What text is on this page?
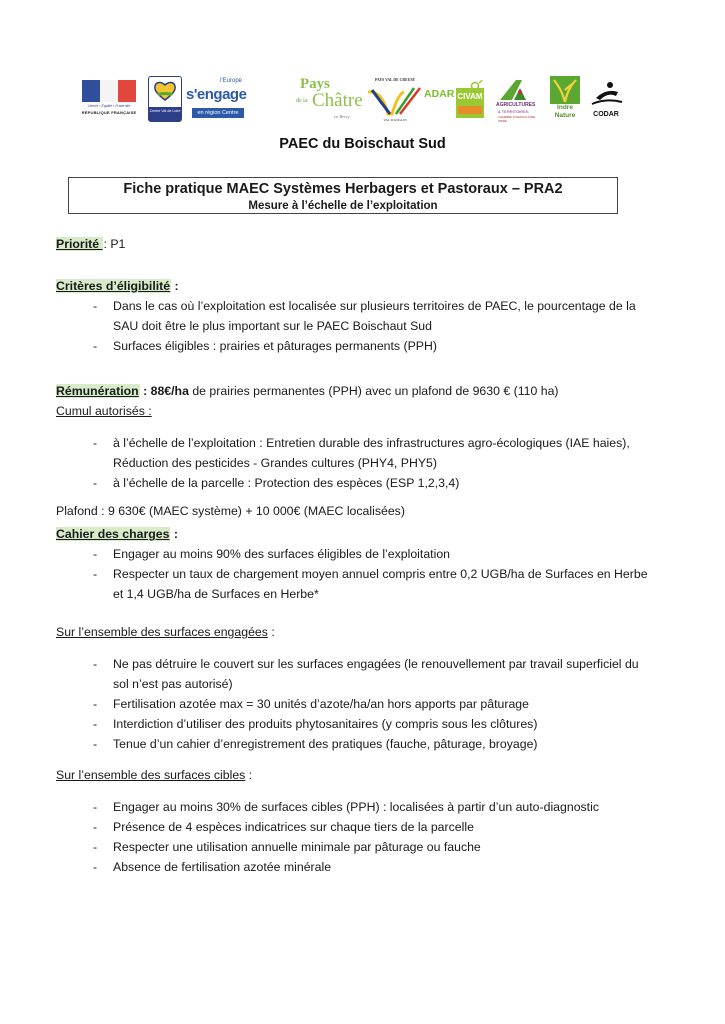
Liberté • Égalité • Fraternité
RÉPUBLIQUE FRANÇAISE	Centre Val de Loire
l'Europe
s'engage
en région Centre
Pays
de la Châtre
en Berry
PAYS VAL DE CREUSE
VAL D'ANGLIN
ADAR CIVAM
AGRICULTURES
& TERRITOIRES
CHAMBRE D'AGRICULTURE INDRE
Indre Nature	CODAR
PAEC du Boischaut Sud
Fiche pratique MAEC Systèmes Herbagers et Pastoraux – PRA2
Mesure à l’échelle de l’exploitation
Priorité : P1
Critères d’éligibilité :
- Dans le cas où l’exploitation est localisée sur plusieurs territoires de PAEC, le pourcentage de la SAU doit être le plus important sur le PAEC Boischaut Sud
- Surfaces éligibles : prairies et pâturages permanents (PPH)
Rémunération : 88€/ha de prairies permanentes (PPH) avec un plafond de 9630 € (110 ha)
Cumul autorisés :
- à l’échelle de l’exploitation : Entretien durable des infrastructures agro-écologiques (IAE haies), Réduction des pesticides - Grandes cultures (PHY4, PHY5)
- à l’échelle de la parcelle : Protection des espèces (ESP 1,2,3,4)
Plafond : 9 630€ (MAEC système) + 10 000€ (MAEC localisées)
Cahier des charges :
- Engager au moins 90% des surfaces éligibles de l’exploitation
- Respecter un taux de chargement moyen annuel compris entre 0,2 UGB/ha de Surfaces en Herbe et 1,4 UGB/ha de Surfaces en Herbe*
Sur l’ensemble des surfaces engagées :
- Ne pas détruire le couvert sur les surfaces engagées (le renouvellement par travail superficiel du sol n’est pas autorisé)
- Fertilisation azotée max = 30 unités d’azote/ha/an hors apports par pâturage
- Interdiction d’utiliser des produits phytosanitaires (y compris sous les clôtures)
- Tenue d’un cahier d’enregistrement des pratiques (fauche, pâturage, broyage)
Sur l’ensemble des surfaces cibles :
- Engager au moins 30% de surfaces cibles (PPH) : localisées à partir d’un auto-diagnostic
- Présence de 4 espèces indicatrices sur chaque tiers de la parcelle
- Respecter une utilisation annuelle minimale par pâturage ou fauche
- Absence de fertilisation azotée minérale
